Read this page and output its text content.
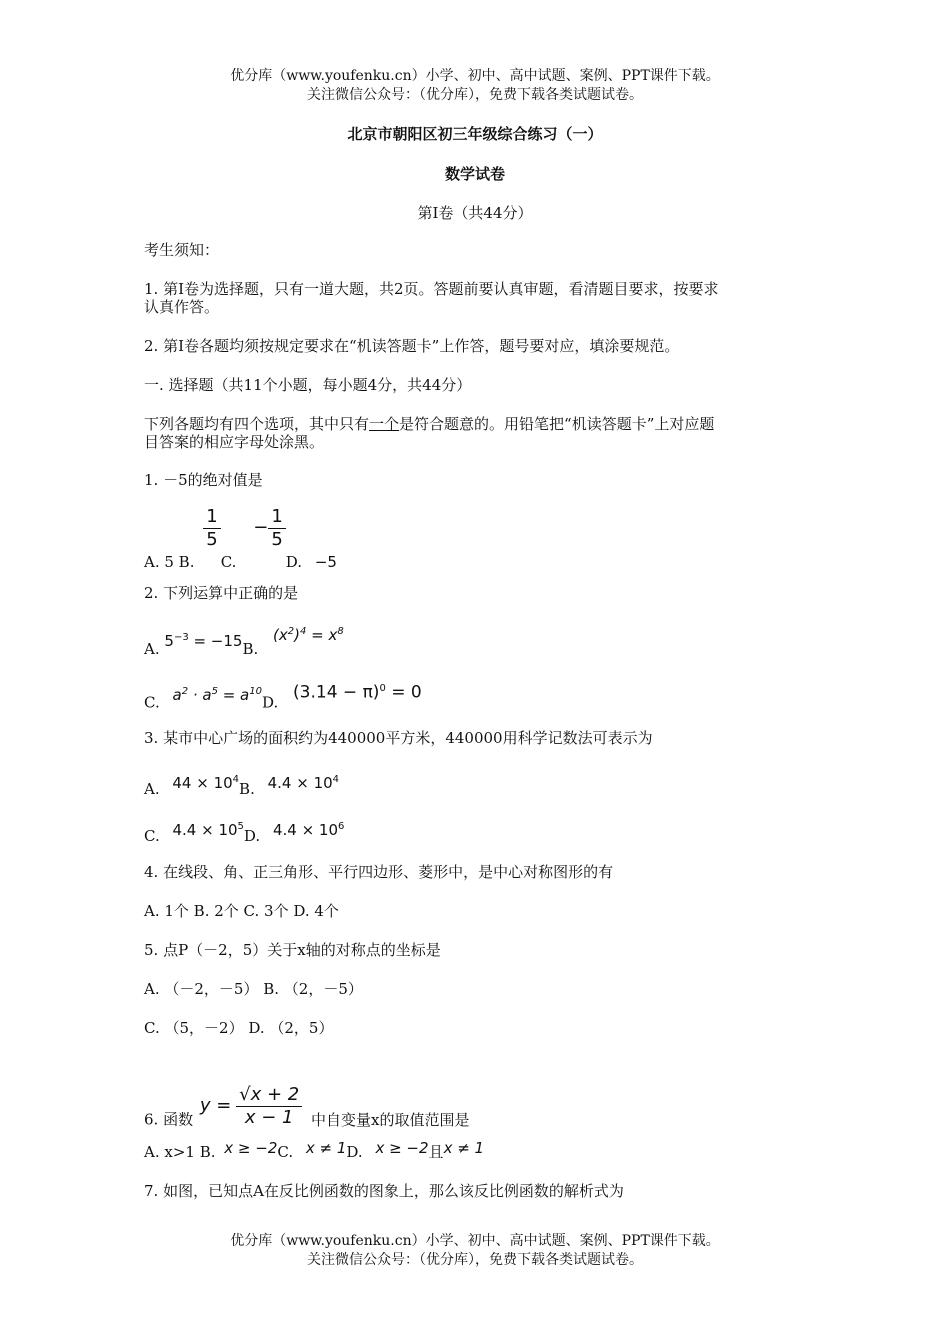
优分库（www.youfenku.cn）小学、初中、高中试题、案例、PPT课件下载。
关注微信公众号：（优分库），免费下载各类试题试卷。
北京市朝阳区初三年级综合练习（一）
数学试卷
第Ⅰ卷（共44分）
考生须知：
1. 第Ⅰ卷为选择题，只有一道大题，共2页。答题前要认真审题，看清题目要求，按要求
认真作答。
2. 第Ⅰ卷各题均须按规定要求在“机读答题卡”上作答，题号要对应，填涂要规范。
一. 选择题（共11个小题，每小题4分，共44分）
下列各题均有四个选项，其中只有一个是符合题意的。用铅笔把“机读答题卡”上对应题
目答案的相应字母处涂黑。
1. －5的绝对值是
A. 5 B.
$\frac{1}{5}$
C. − $\frac{1}{5}$
D. −5
2. 下列运算中正确的是
A. $5^{-3} = -15B$. $(x^2)^4 = x^8$
C. $a^2 \cdot a^5 = a^{10}D$. $(3.14 - \pi)^0 = 0$
3. 某市中心广场的面积约为440000平方米，440000用科学记数法可表示为
A. $44 \times 10^4B$. $4.4 \times 10^4$
C. $4.4 \times 10^5D$. $4.4 \times 10^6$
4. 在线段、角、正三角形、平行四边形、菱形中，是中心对称图形的有
A. 1个 B. 2个 C. 3个 D. 4个
5. 点P（－2，5）关于x轴的对称点的坐标是
A. （－2，－5） B. （2，－5）
C. （5，－2） D. （2，5）
6. 函数 $y = \frac{√x + 2}{x - 1}$ 中自变量x的取值范围是
A. x>1 B. x ≥ −2C. x ≠ 1D. x ≥ −2且x ≠ 1
7. 如图，已知点A在反比例函数的图象上，那么该反比例函数的解析式为
优分库（www.youfenku.cn）小学、初中、高中试题、案例、PPT课件下载。
关注微信公众号：（优分库），免费下载各类试题试卷。
